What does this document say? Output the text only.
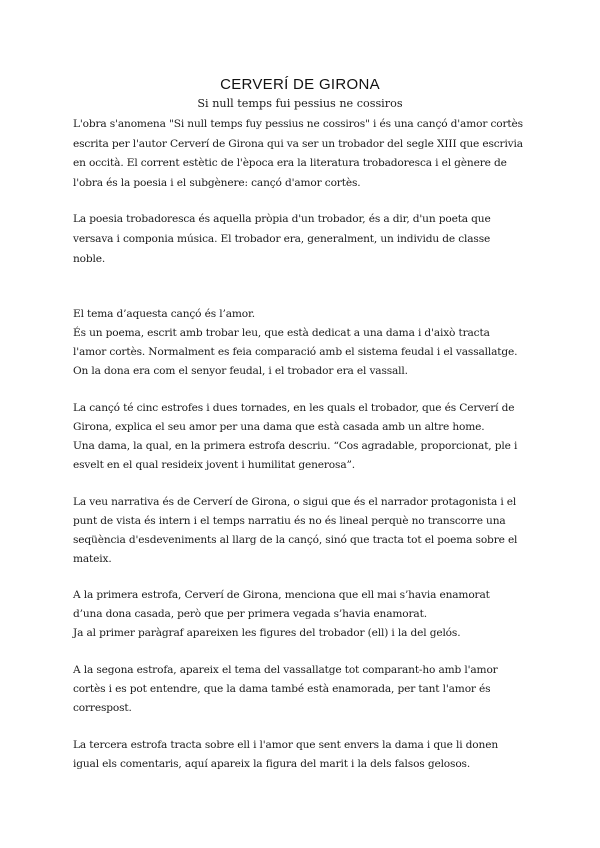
CERVERÍ DE GIRONA
Si null temps fui pessius ne cossiros
L'obra s'anomena "Si null temps fuy pessius ne cossiros" i és una cançó d'amor cortès
escrita per l'autor Cerverí de Girona qui va ser un trobador del segle XIII que escrivia
en occità. El corrent estètic de l'època era la literatura trobadoresca i el gènere de
l'obra és la poesia i el subgènere: cançó d'amor cortès.
La poesia trobadoresca és aquella pròpia d'un trobador, és a dir, d'un poeta que
versava i componia música. El trobador era, generalment, un individu de classe
noble.
El tema d’aquesta cançó és l’amor.
És un poema, escrit amb trobar leu, que està dedicat a una dama i d'això tracta
l'amor cortès. Normalment es feia comparació amb el sistema feudal i el vassallatge.
On la dona era com el senyor feudal, i el trobador era el vassall.
La cançó té cinc estrofes i dues tornades, en les quals el trobador, que és Cerverí de
Girona, explica el seu amor per una dama que està casada amb un altre home.
Una dama, la qual, en la primera estrofa descriu. “Cos agradable, proporcionat, ple i
esvelt en el qual resideix jovent i humilitat generosa”.
La veu narrativa és de Cerverí de Girona, o sigui que és el narrador protagonista i el
punt de vista és intern i el temps narratiu és no és lineal perquè no transcorre una
seqüència d'esdeveniments al llarg de la cançó, sinó que tracta tot el poema sobre el
mateix.
A la primera estrofa, Cerverí de Girona, menciona que ell mai s’havia enamorat
d’una dona casada, però que per primera vegada s’havia enamorat.
Ja al primer paràgraf apareixen les figures del trobador (ell) i la del gelós.
A la segona estrofa, apareix el tema del vassallatge tot comparant-ho amb l'amor
cortès i es pot entendre, que la dama també està enamorada, per tant l'amor és
correspost.
La tercera estrofa tracta sobre ell i l'amor que sent envers la dama i que li donen
igual els comentaris, aquí apareix la figura del marit i la dels falsos gelosos.
